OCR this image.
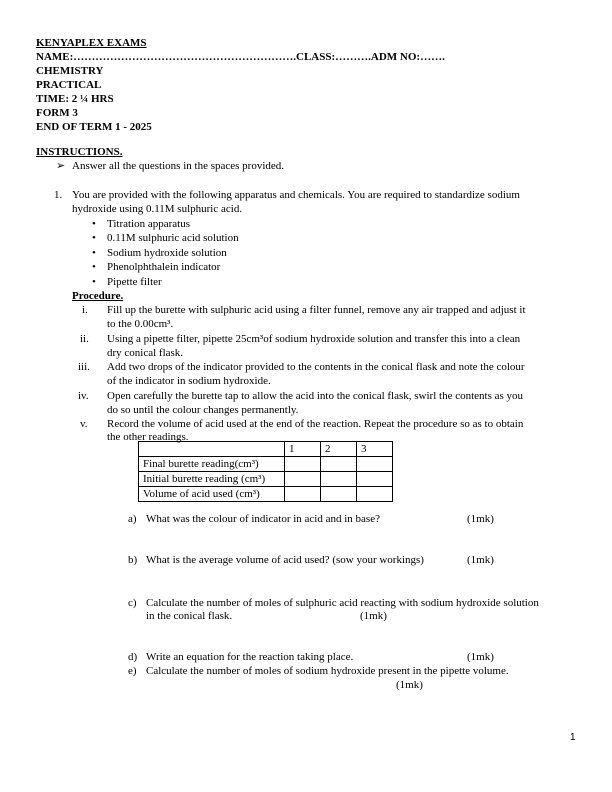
KENYAPLEX EXAMS
NAME:…………………………………………………….CLASS:……….ADM NO:…….
CHEMISTRY
PRACTICAL
TIME: 2 ¼ HRS
FORM 3
END OF TERM 1 - 2025
INSTRUCTIONS.
➢ Answer all the questions in the spaces provided.
1. You are provided with the following apparatus and chemicals. You are required to standardize sodium
hydroxide using 0.11M sulphuric acid.
• Titration apparatus
• 0.11M sulphuric acid solution
• Sodium hydroxide solution
• Phenolphthalein indicator
• Pipette filter
Procedure.
i. Fill up the burette with sulphuric acid using a filter funnel, remove any air trapped and adjust it
to the 0.00cm³.
ii. Using a pipette filter, pipette 25cm³of sodium hydroxide solution and transfer this into a clean
dry conical flask.
iii. Add two drops of the indicator provided to the contents in the conical flask and note the colour
of the indicator in sodium hydroxide.
iv. Open carefully the burette tap to allow the acid into the conical flask, swirl the contents as you
do so until the colour changes permanently.
v. Record the volume of acid used at the end of the reaction. Repeat the procedure so as to obtain
the other readings.
	1	2	3
Final burette reading(cm³)			
Initial burette reading (cm³)			
Volume of acid used (cm³)			
a) What was the colour of indicator in acid and in base?	(1mk)
b) What is the average volume of acid used? (sow your workings)	(1mk)
c) Calculate the number of moles of sulphuric acid reacting with sodium hydroxide solution
in the conical flask.	(1mk)
d) Write an equation for the reaction taking place.	(1mk)
e) Calculate the number of moles of sodium hydroxide present in the pipette volume.
(1mk)
1
